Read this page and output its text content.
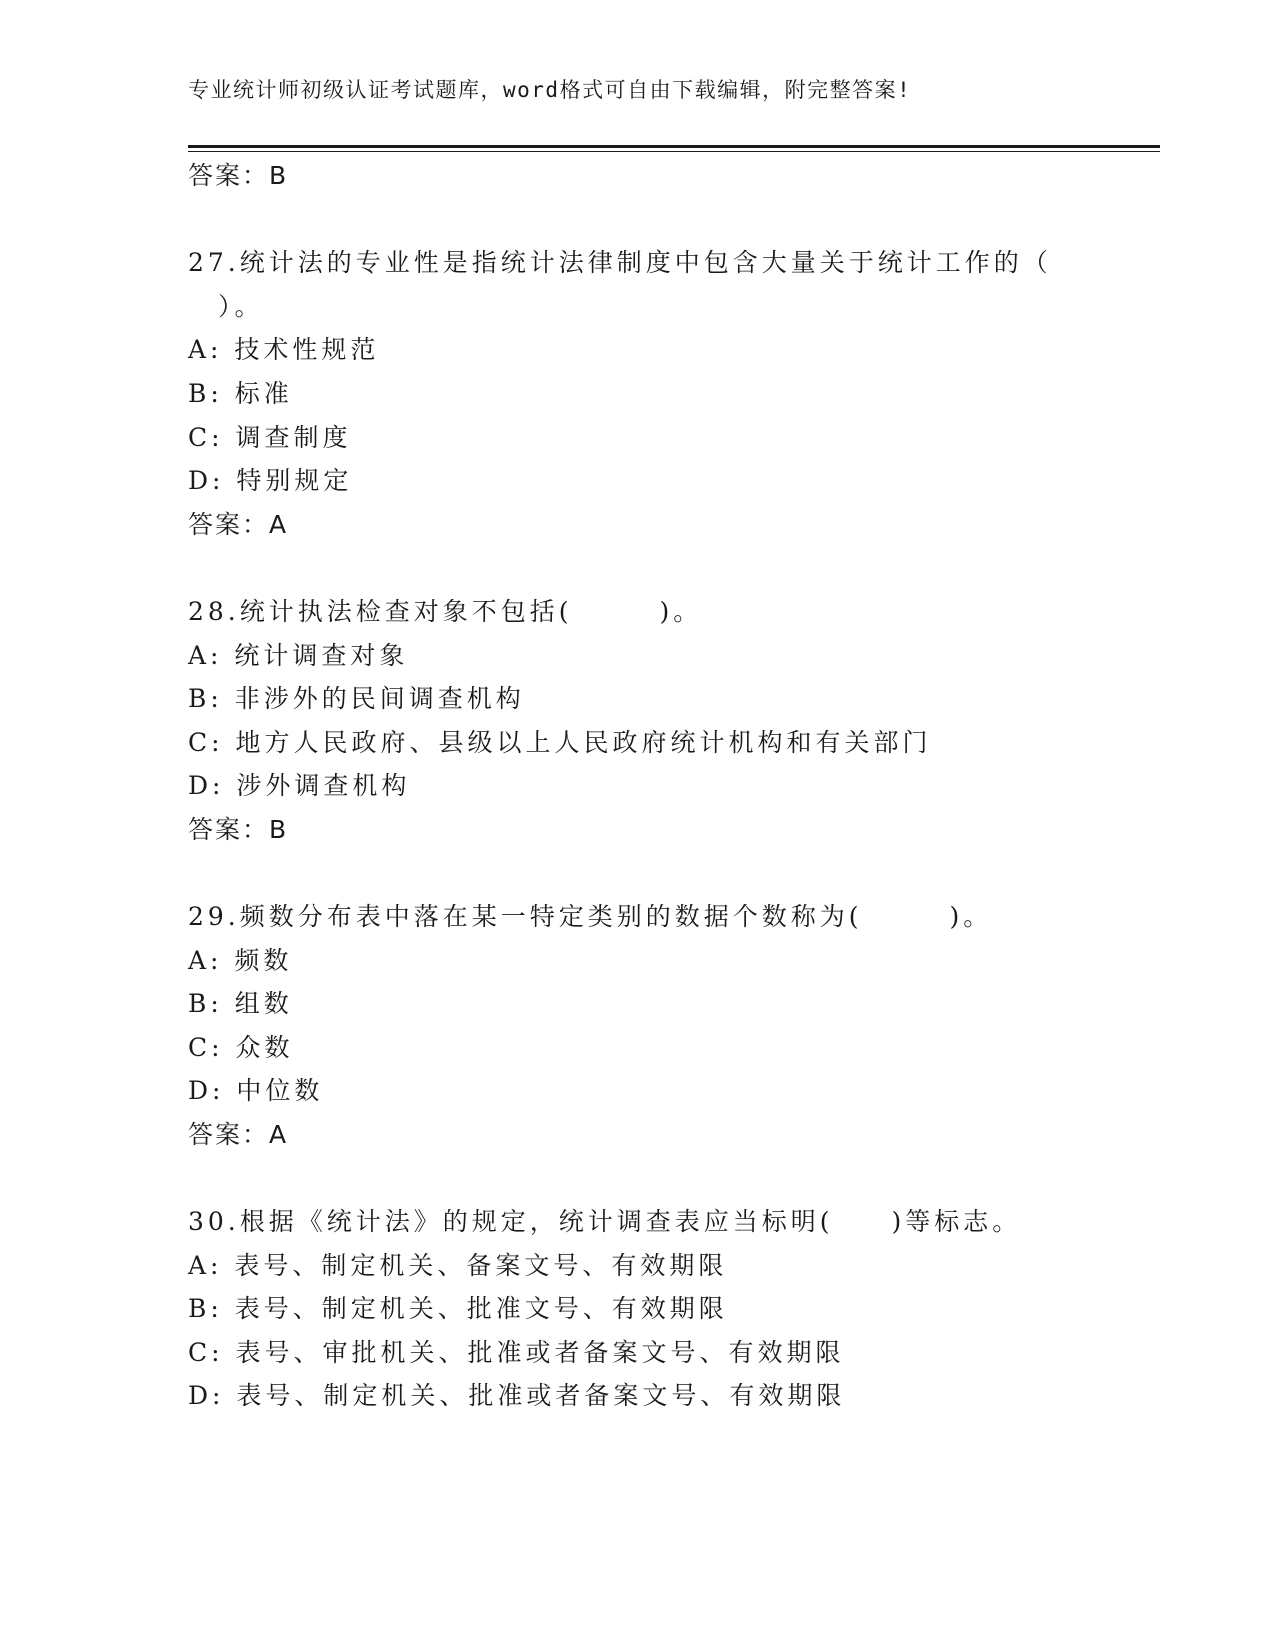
专业统计师初级认证考试题库，word格式可自由下载编辑，附完整答案!
答案：B
27.统计法的专业性是指统计法律制度中包含大量关于统计工作的（
）。
A: 技术性规范
B: 标准
C: 调查制度
D: 特别规定
答案：A
28.统计执法检查对象不包括(　　　)。
A: 统计调查对象
B: 非涉外的民间调查机构
C: 地方人民政府、县级以上人民政府统计机构和有关部门
D: 涉外调查机构
答案：B
29.频数分布表中落在某一特定类别的数据个数称为(　　　)。
A: 频数
B: 组数
C: 众数
D: 中位数
答案：A
30.根据《统计法》的规定，统计调查表应当标明(　　)等标志。
A: 表号、制定机关、备案文号、有效期限
B: 表号、制定机关、批准文号、有效期限
C: 表号、审批机关、批准或者备案文号、有效期限
D: 表号、制定机关、批准或者备案文号、有效期限
